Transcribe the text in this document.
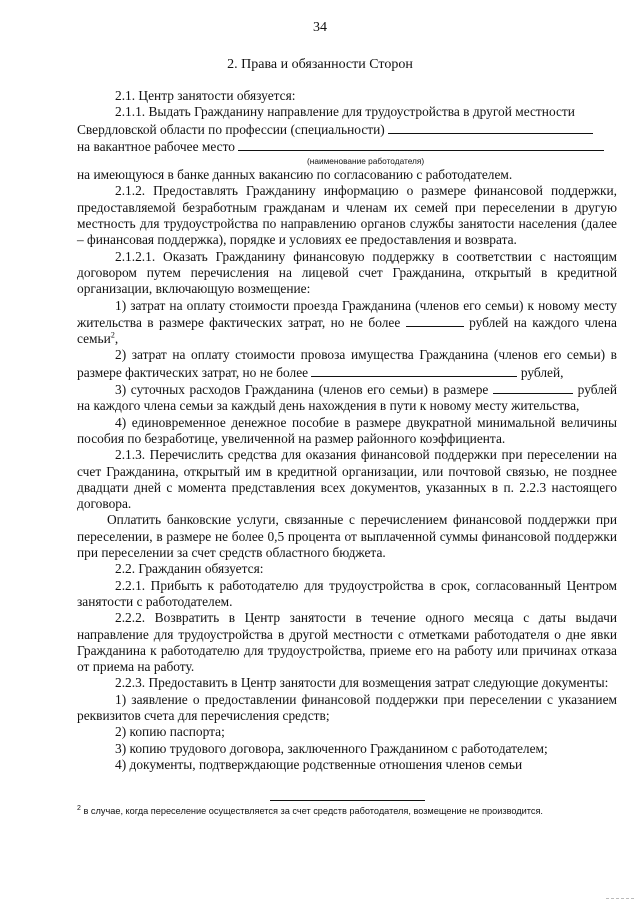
34
2. Права и обязанности Сторон

2.1. Центр занятости обязуется:

2.1.1. Выдать Гражданину направление для трудоустройства в другой местности

Свердловской области по профессии (специальности)

на вакантное рабочее место

(наименование работодателя)

на имеющуюся в банке данных вакансию по согласованию с работодателем.

2.1.2. Предоставлять Гражданину информацию о размере финансовой поддержки, предоставляемой безработным гражданам и членам их семей при переселении в другую местность для трудоустройства по направлению органов службы занятости населения (далее – финансовая поддержка), порядке и условиях ее предоставления и возврата.

2.1.2.1. Оказать Гражданину финансовую поддержку в соответствии с настоящим договором путем перечисления на лицевой счет Гражданина, открытый в кредитной организации, включающую возмещение:

1) затрат на оплату стоимости проезда Гражданина (членов его семьи) к новому месту жительства в размере фактических затрат, но не более	рублей на каждого члена семьи$^2$,

2) затрат на оплату стоимости провоза имущества Гражданина (членов его семьи) в размере фактических затрат, но не более	рублей,

3) суточных расходов Гражданина (членов его семьи) в размере	рублей на каждого члена семьи за каждый день нахождения в пути к новому месту жительства,

4) единовременное денежное пособие в размере двукратной минимальной величины пособия по безработице, увеличенной на размер районного коэффициента.

2.1.3. Перечислить средства для оказания финансовой поддержки при переселении на счет Гражданина, открытый им в кредитной организации, или почтовой связью, не позднее двадцати дней с момента представления всех документов, указанных в п. 2.2.3 настоящего договора.

Оплатить банковские услуги, связанные с перечислением финансовой поддержки при переселении, в размере не более 0,5 процента от выплаченной суммы финансовой поддержки при переселении за счет средств областного бюджета.

2.2. Гражданин обязуется:

2.2.1. Прибыть к работодателю для трудоустройства в срок, согласованный Центром занятости с работодателем.

2.2.2. Возвратить в Центр занятости в течение одного месяца с даты выдачи направление для трудоустройства в другой местности с отметками работодателя о дне явки Гражданина к работодателю для трудоустройства, приеме его на работу или причинах отказа от приема на работу.

2.2.3. Предоставить в Центр занятости для возмещения затрат следующие документы:

1) заявление о предоставлении финансовой поддержки при переселении с указанием реквизитов счета для перечисления средств;

2) копию паспорта;

3) копию трудового договора, заключенного Гражданином с работодателем;

4) документы, подтверждающие родственные отношения членов семьи

$^2$ в случае, когда переселение осуществляется за счет средств работодателя, возмещение не производится.
